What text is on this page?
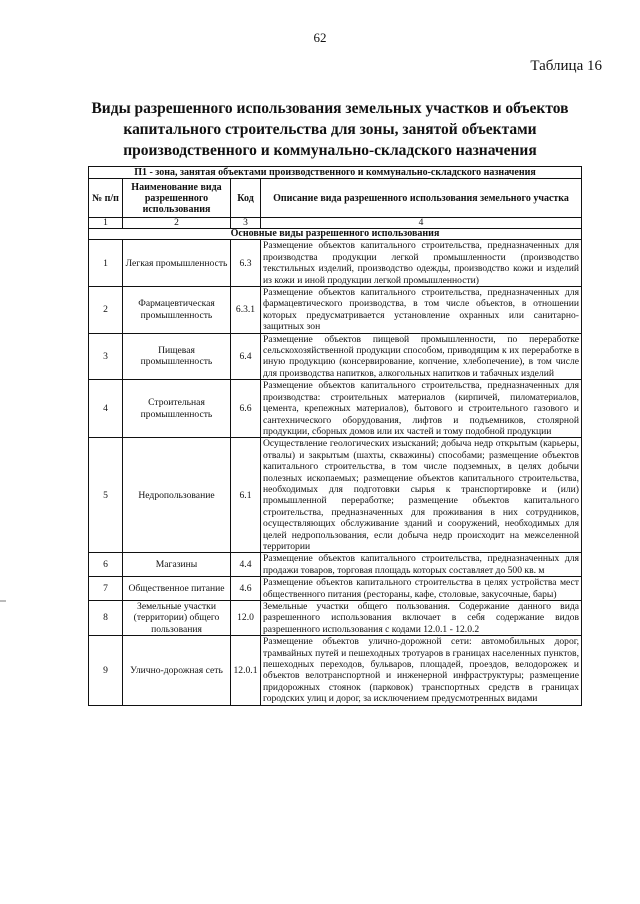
62
Таблица 16
Виды разрешенного использования земельных участков и объектов капитального строительства для зоны, занятой объектами производственного и коммунально-складского назначения
П1 - зона, занятая объектами производственного и коммунально-складского назначения			
№ п/п	Наименование вида разрешенного использования	Код	Описание вида разрешенного использования земельного участка
1	2	3	4
Основные виды разрешенного использования			
1	Легкая промышленность	6.3	Размещение объектов капитального строительства, предназначенных для производства продукции легкой промышленности (производство текстильных изделий, производство одежды, производство кожи и изделий из кожи и иной продукции легкой промышленности)
2	Фармацевтическая промышленность	6.3.1	Размещение объектов капитального строительства, предназначенных для фармацевтического производства, в том числе объектов, в отношении которых предусматривается установление охранных или санитарно-защитных зон
3	Пищевая промышленность	6.4	Размещение объектов пищевой промышленности, по переработке сельскохозяйственной продукции способом, приводящим к их переработке в иную продукцию (консервирование, копчение, хлебопечение), в том числе для производства напитков, алкогольных напитков и табачных изделий
4	Строительная промышленность	6.6	Размещение объектов капитального строительства, предназначенных для производства: строительных материалов (кирпичей, пиломатериалов, цемента, крепежных материалов), бытового и строительного газового и сантехнического оборудования, лифтов и подъемников, столярной продукции, сборных домов или их частей и тому подобной продукции
5	Недропользование	6.1	Осуществление геологических изысканий; добыча недр открытым (карьеры, отвалы) и закрытым (шахты, скважины) способами; размещение объектов капитального строительства, в том числе подземных, в целях добычи полезных ископаемых; размещение объектов капитального строительства, необходимых для подготовки сырья к транспортировке и (или) промышленной переработке; размещение объектов капитального строительства, предназначенных для проживания в них сотрудников, осуществляющих обслуживание зданий и сооружений, необходимых для целей недропользования, если добыча недр происходит на межселенной территории
6	Магазины	4.4	Размещение объектов капитального строительства, предназначенных для продажи товаров, торговая площадь которых составляет до 500 кв. м
7	Общественное питание	4.6	Размещение объектов капитального строительства в целях устройства мест общественного питания (рестораны, кафе, столовые, закусочные, бары)
8	Земельные участки (территории) общего пользования	12.0	Земельные участки общего пользования. Содержание данного вида разрешенного использования включает в себя содержание видов разрешенного использования с кодами 12.0.1 - 12.0.2
9	Улично-дорожная сеть	12.0.1	Размещение объектов улично-дорожной сети: автомобильных дорог, трамвайных путей и пешеходных тротуаров в границах населенных пунктов, пешеходных переходов, бульваров, площадей, проездов, велодорожек и объектов велотранспортной и инженерной инфраструктуры; размещение придорожных стоянок (парковок) транспортных средств в границах городских улиц и дорог, за исключением предусмотренных видами
